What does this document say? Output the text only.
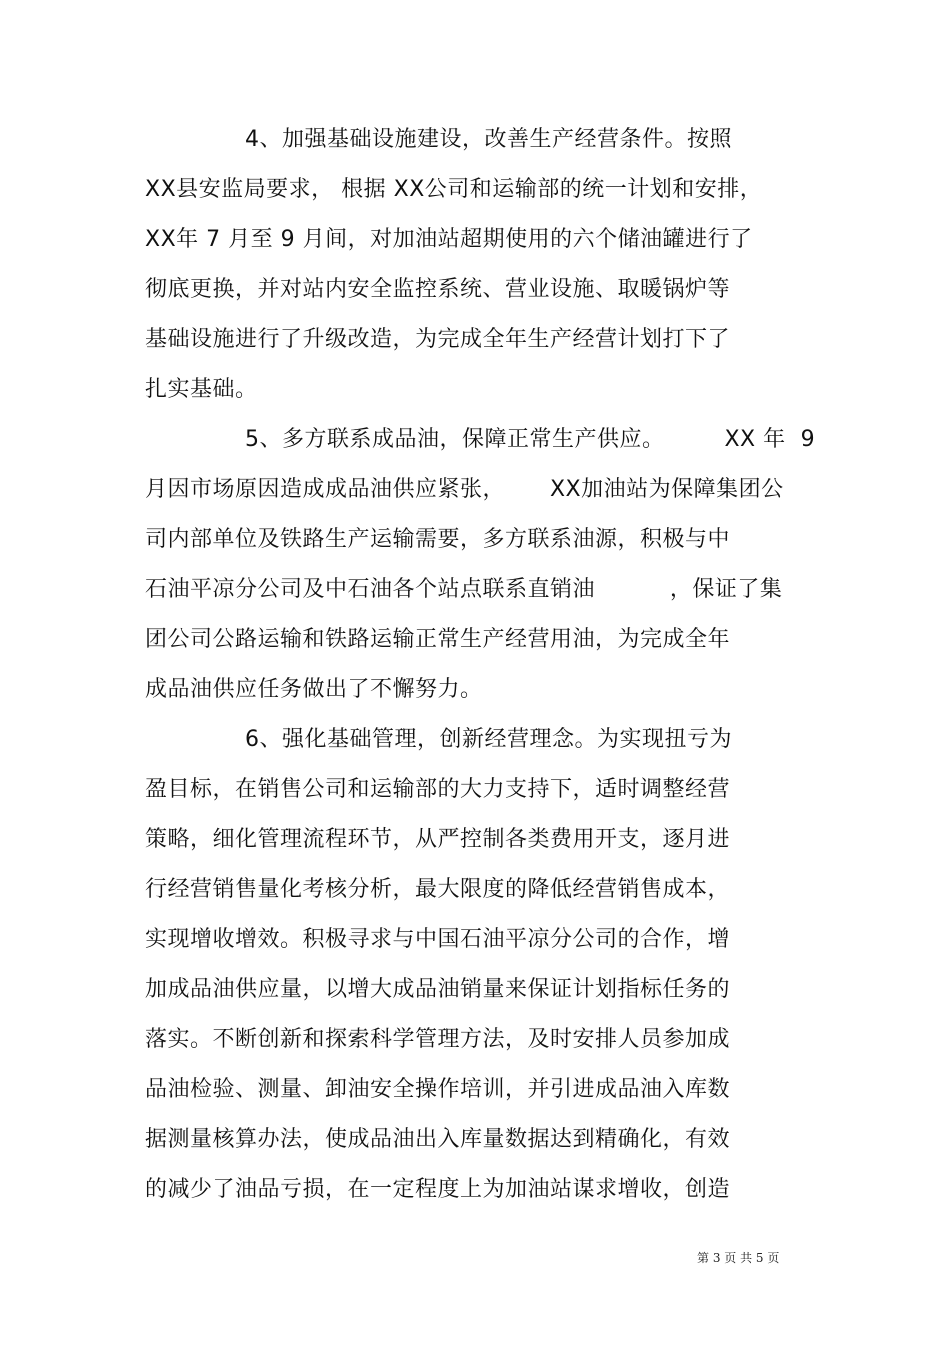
4、加强基础设施建设，改善生产经营条件。按照
XX县安监局要求， 根据 XX公司和运输部的统一计划和安排，
XX年 7 月至 9 月间，对加油站超期使用的六个储油罐进行了
彻底更换，并对站内安全监控系统、营业设施、取暖锅炉等
基础设施进行了升级改造，为完成全年生产经营计划打下了
扎实基础。
5、多方联系成品油，保障正常生产供应。        XX 年  9
月因市场原因造成成品油供应紧张，      XX加油站为保障集团公
司内部单位及铁路生产运输需要，多方联系油源，积极与中
石油平凉分公司及中石油各个站点联系直销油          ，保证了集
团公司公路运输和铁路运输正常生产经营用油，为完成全年
成品油供应任务做出了不懈努力。
6、强化基础管理，创新经营理念。为实现扭亏为
盈目标，在销售公司和运输部的大力支持下，适时调整经营
策略，细化管理流程环节，从严控制各类费用开支，逐月进
行经营销售量化考核分析，最大限度的降低经营销售成本，
实现增收增效。积极寻求与中国石油平凉分公司的合作，增
加成品油供应量，以增大成品油销量来保证计划指标任务的
落实。不断创新和探索科学管理方法，及时安排人员参加成
品油检验、测量、卸油安全操作培训，并引进成品油入库数
据测量核算办法，使成品油出入库量数据达到精确化，有效
的减少了油品亏损，在一定程度上为加油站谋求增收，创造
第 3 页 共 5 页
